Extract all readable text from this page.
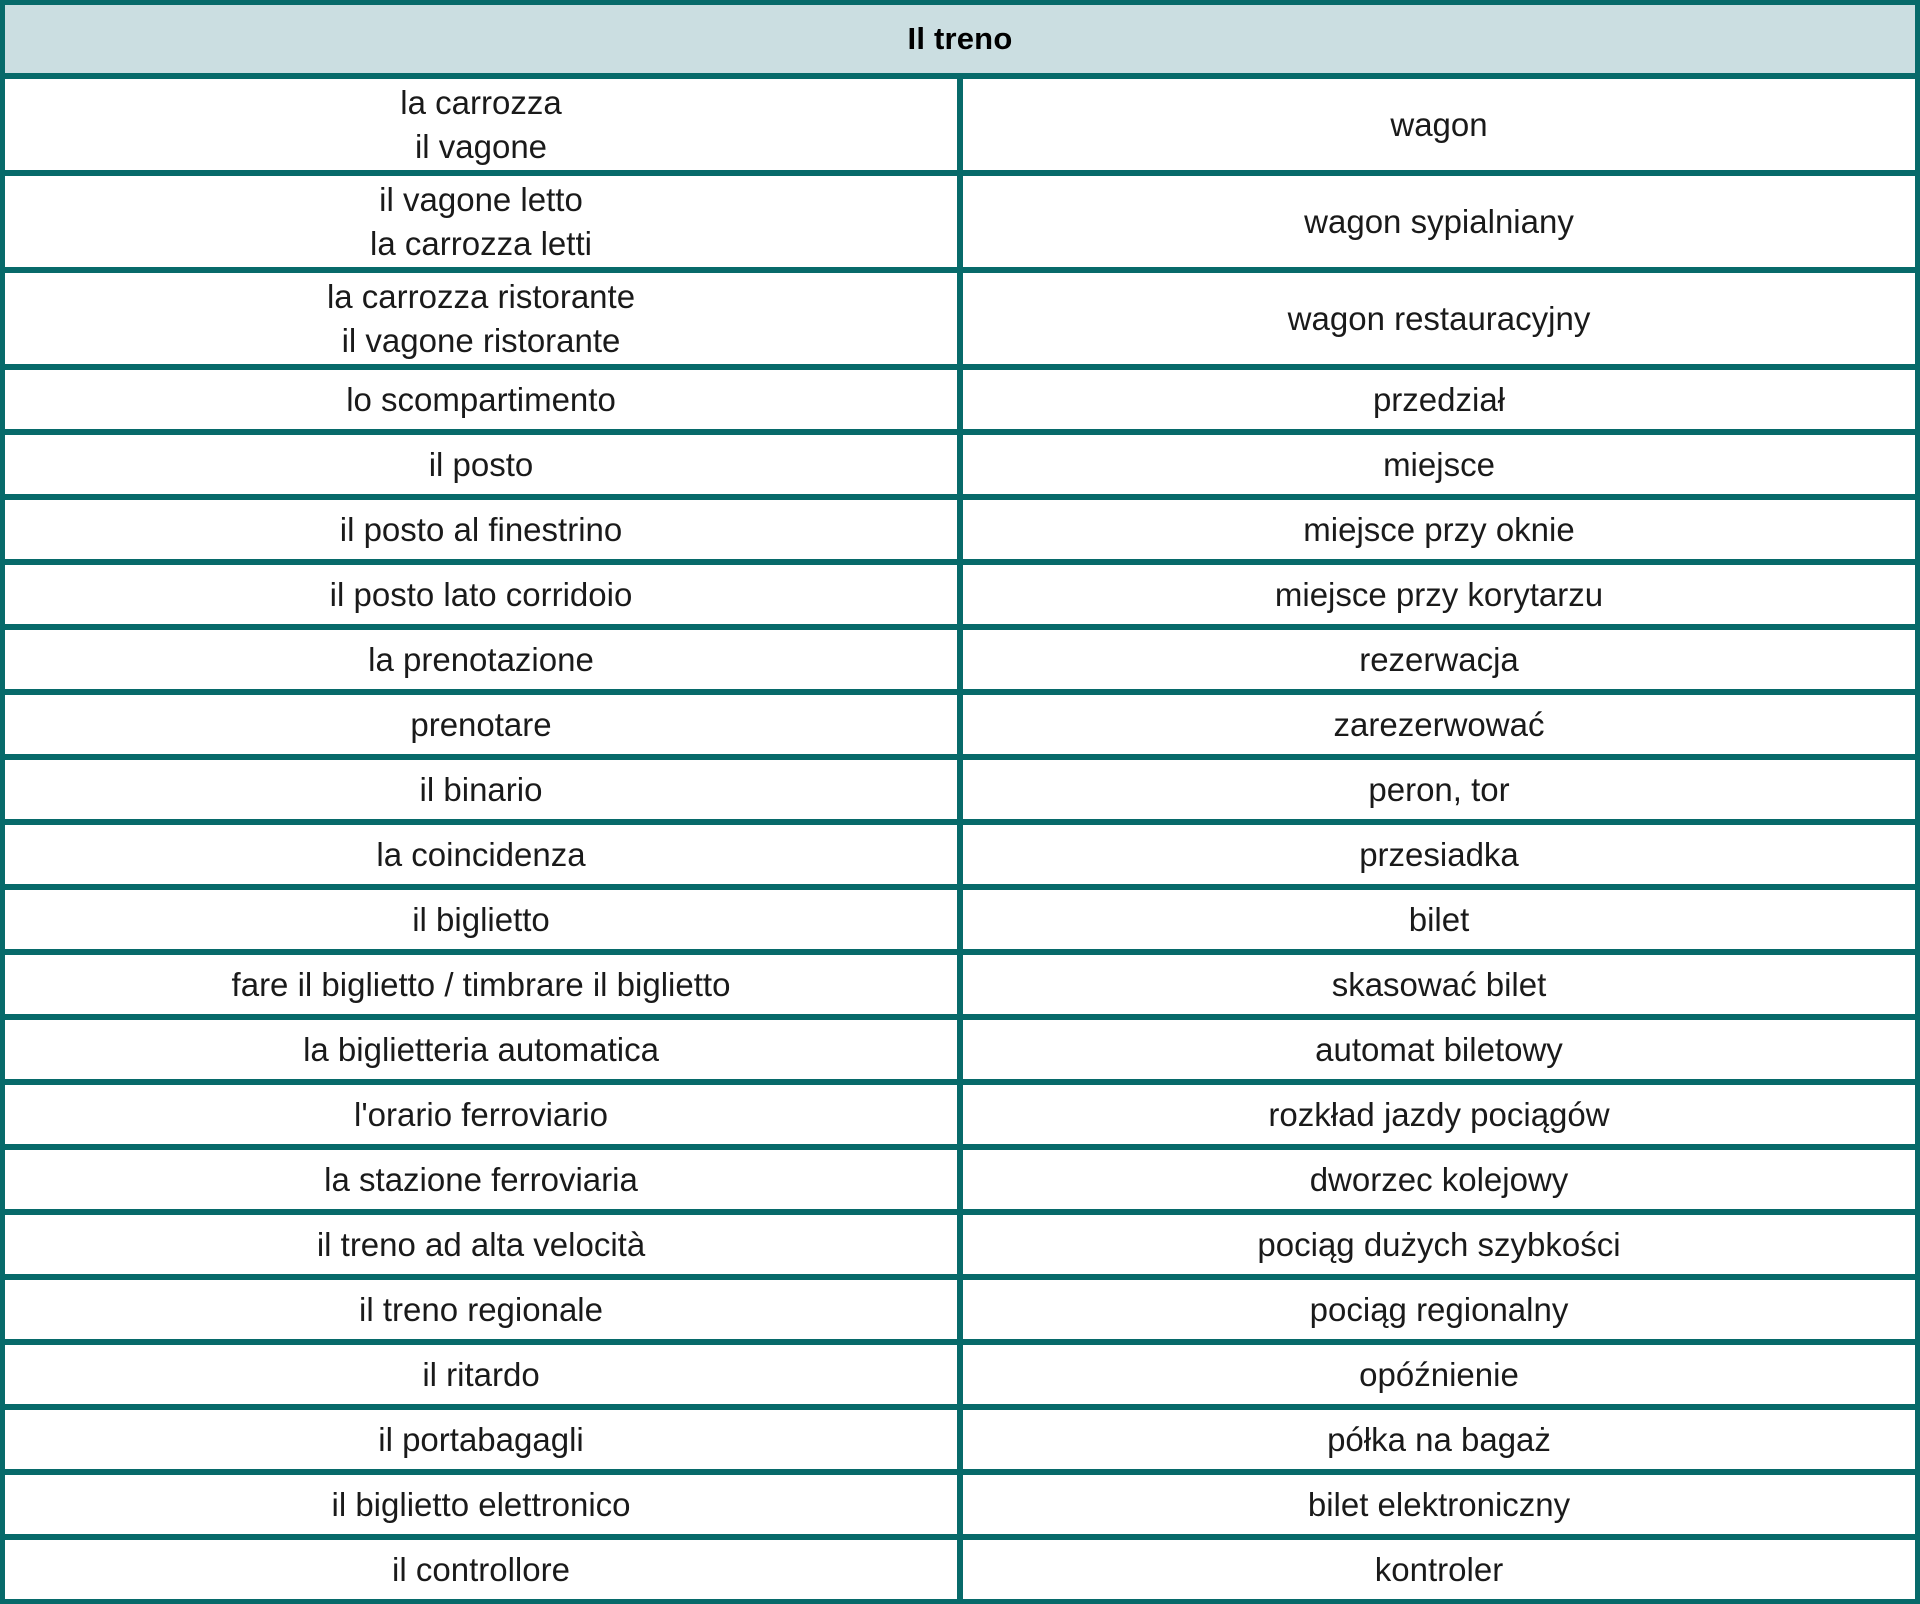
Il treno	
la carrozza
il vagone	wagon
il vagone letto
la carrozza letti	wagon sypialniany
la carrozza ristorante
il vagone ristorante	wagon restauracyjny
lo scompartimento	przedział
il posto	miejsce
il posto al finestrino	miejsce przy oknie
il posto lato corridoio	miejsce przy korytarzu
la prenotazione	rezerwacja
prenotare	zarezerwować
il binario	peron, tor
la coincidenza	przesiadka
il biglietto	bilet
fare il biglietto / timbrare il biglietto	skasować bilet
la biglietteria automatica	automat biletowy
l'orario ferroviario	rozkład jazdy pociągów
la stazione ferroviaria	dworzec kolejowy
il treno ad alta velocità	pociąg dużych szybkości
il treno regionale	pociąg regionalny
il ritardo	opóźnienie
il portabagagli	półka na bagaż
il biglietto elettronico	bilet elektroniczny
il controllore	kontroler
